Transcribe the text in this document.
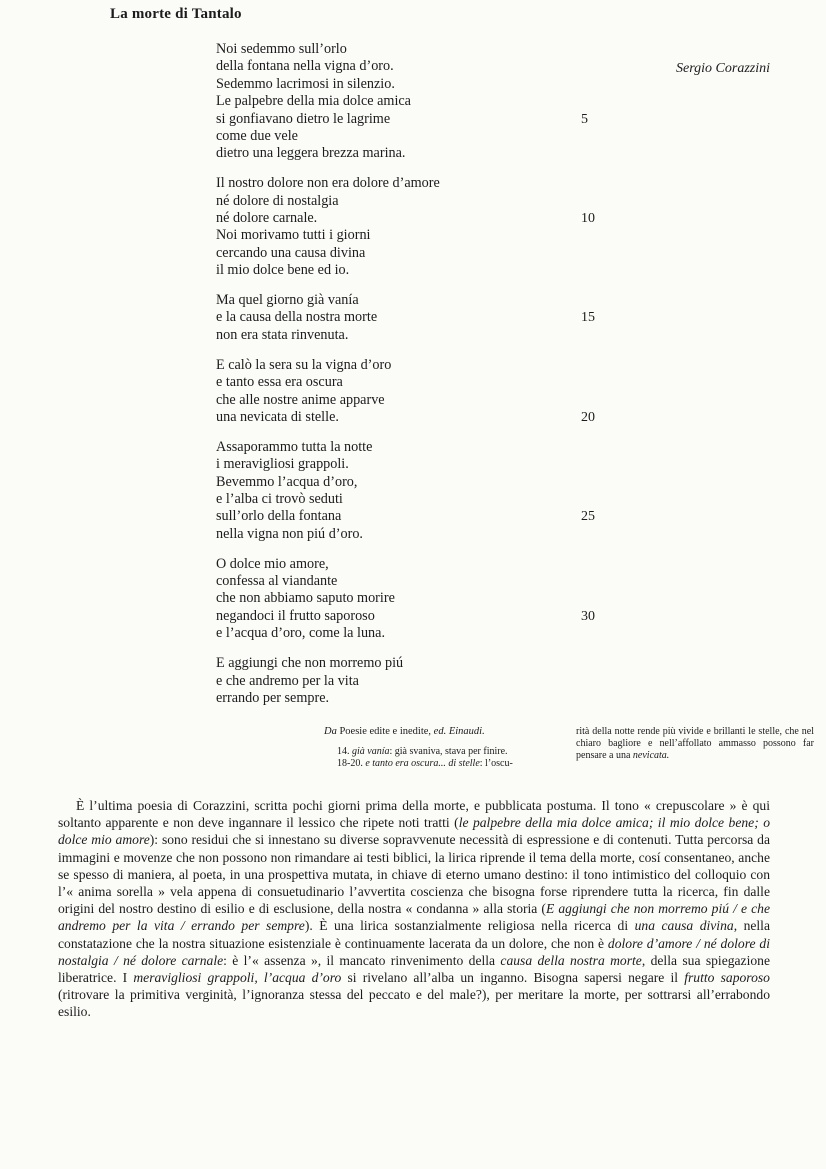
La morte di Tantalo
Sergio Corazzini
Noi sedemmo sull’orlo
della fontana nella vigna d’oro.
Sedemmo lacrimosi in silenzio.
Le palpebre della mia dolce amica
si gonfiavano dietro le lagrime	5
come due vele
dietro una leggera brezza marina.
Il nostro dolore non era dolore d’amore
né dolore di nostalgia
né dolore carnale.	10
Noi morivamo tutti i giorni
cercando una causa divina
il mio dolce bene ed io.
Ma quel giorno già vanía
e la causa della nostra morte	15
non era stata rinvenuta.
E calò la sera su la vigna d’oro
e tanto essa era oscura
che alle nostre anime apparve
una nevicata di stelle.	20
Assaporammo tutta la notte
i meravigliosi grappoli.
Bevemmo l’acqua d’oro,
e l’alba ci trovò seduti
sull’orlo della fontana	25
nella vigna non piú d’oro.
O dolce mio amore,
confessa al viandante
che non abbiamo saputo morire
negandoci il frutto saporoso	30
e l’acqua d’oro, come la luna.
E aggiungi che non morremo piú
e che andremo per la vita
errando per sempre.
Da Poesie edite e inedite, ed. Einaudi.
14. già vanía: già svaniva, stava per finire.
18-20. e tanto era oscura... di stelle: l’oscu-
rità della notte rende più vivide e brillanti le stelle, che nel chiaro bagliore e nell’affollato ammasso possono far pensare a una nevicata.
È l’ultima poesia di Corazzini, scritta pochi giorni prima della morte, e pubblicata postuma. Il tono « crepuscolare » è qui soltanto apparente e non deve ingannare il lessico che ripete noti tratti (le palpebre della mia dolce amica; il mio dolce bene; o dolce mio amore): sono residui che si innestano su diverse sopravvenute necessità di espressione e di contenuti. Tutta percorsa da immagini e movenze che non possono non rimandare ai testi biblici, la lirica riprende il tema della morte, cosí consentaneo, anche se spesso di maniera, al poeta, in una prospettiva mutata, in chiave di eterno umano destino: il tono intimistico del colloquio con l’« anima sorella » vela appena di consuetudinario l’avvertita coscienza che bisogna forse riprendere tutta la ricerca, fin dalle origini del nostro destino di esilio e di esclusione, della nostra « condanna » alla storia (E aggiungi che non morremo piú / e che andremo per la vita / errando per sempre). È una lirica sostanzialmente religiosa nella ricerca di una causa divina, nella constatazione che la nostra situazione esistenziale è continuamente lacerata da un dolore, che non è dolore d’amore / né dolore di nostalgia / né dolore carnale: è l’« assenza », il mancato rinvenimento della causa della nostra morte, della sua spiegazione liberatrice. I meravigliosi grappoli, l’acqua d’oro si rivelano all’alba un inganno. Bisogna sapersi negare il frutto saporoso (ritrovare la primitiva verginità, l’ignoranza stessa del peccato e del male?), per meritare la morte, per sottrarsi all’errabondo esilio.
